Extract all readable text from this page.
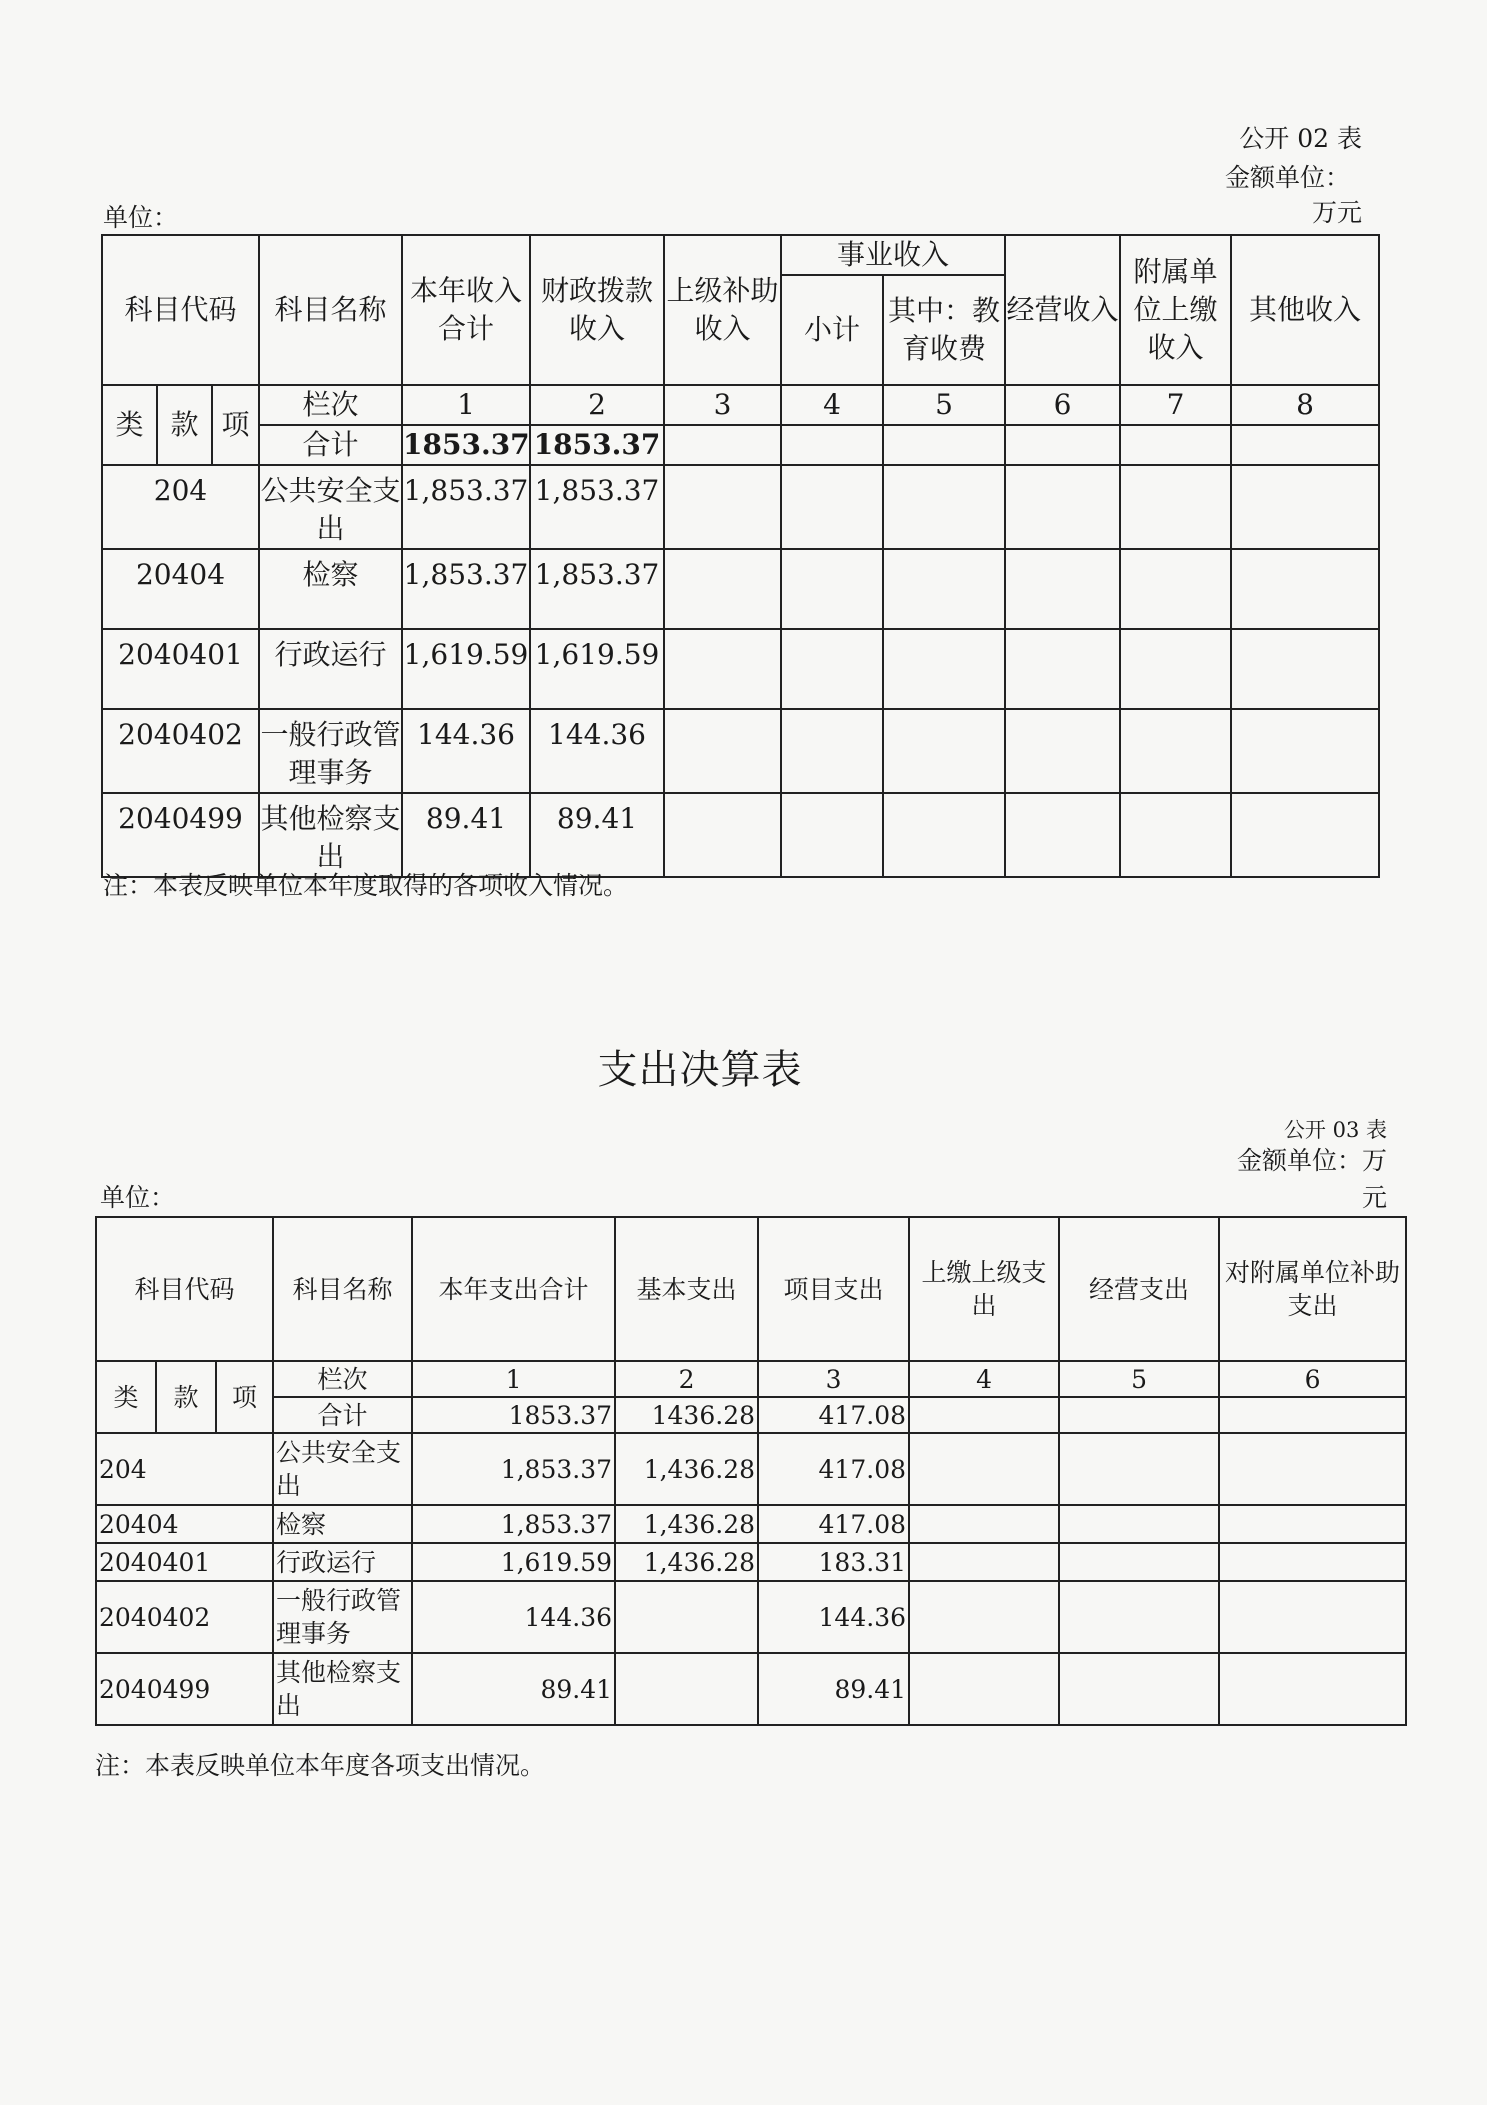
公开 02 表
金额单位：
万元
单位：
科目代码			科目名称	本年收入合计	财政拨款收入	上级补助收入	事业收入		经营收入	附属单位上缴收入	其他收入
							小计	其中：教育收费			
类	款	项	栏次	1	2	3	4	5	6	7	8
			合计	1853.37	1853.37						
204			公共安全支出	1,853.37	1,853.37						
20404			检察	1,853.37	1,853.37						
2040401			行政运行	1,619.59	1,619.59						
2040402			一般行政管理事务	144.36	144.36						
2040499			其他检察支出	89.41	89.41						
注：本表反映单位本年度取得的各项收入情况。
支出决算表
公开 03 表
金额单位：万
元
单位：
科目代码			科目名称	本年支出合计	基本支出	项目支出	上缴上级支出	经营支出	对附属单位补助支出
类	款	项	栏次	1	2	3	4	5	6
			合计	1853.37	1436.28	417.08			
204			公共安全支出	1,853.37	1,436.28	417.08			
20404			检察	1,853.37	1,436.28	417.08			
2040401			行政运行	1,619.59	1,436.28	183.31			
2040402			一般行政管理事务	144.36		144.36			
2040499			其他检察支出	89.41		89.41			
注：本表反映单位本年度各项支出情况。
